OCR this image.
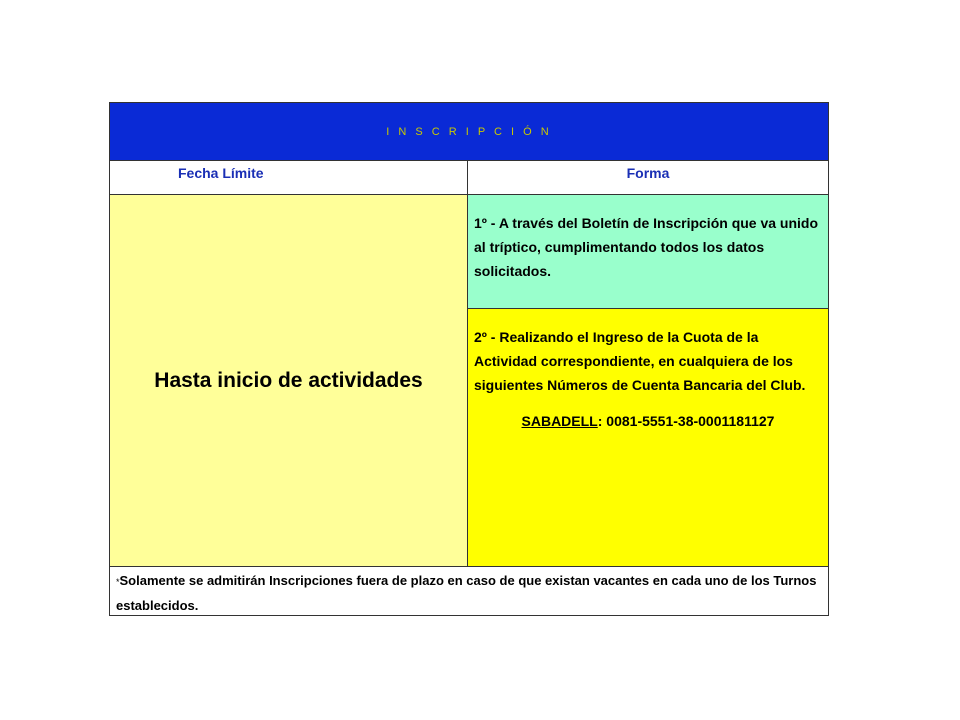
I N S C R I P C I Ó N
Fecha Límite	Forma
Hasta inicio de actividades
1º - A través del Boletín de Inscripción que va unido al tríptico, cumplimentando todos los datos solicitados.
2º - Realizando el Ingreso de la Cuota de la Actividad correspondiente, en cualquiera de los siguientes Números de Cuenta Bancaria del Club.
SABADELL: 0081-5551-38-0001181127
*Solamente se admitirán Inscripciones fuera de plazo en caso de que existan vacantes en cada uno de los Turnos establecidos.
